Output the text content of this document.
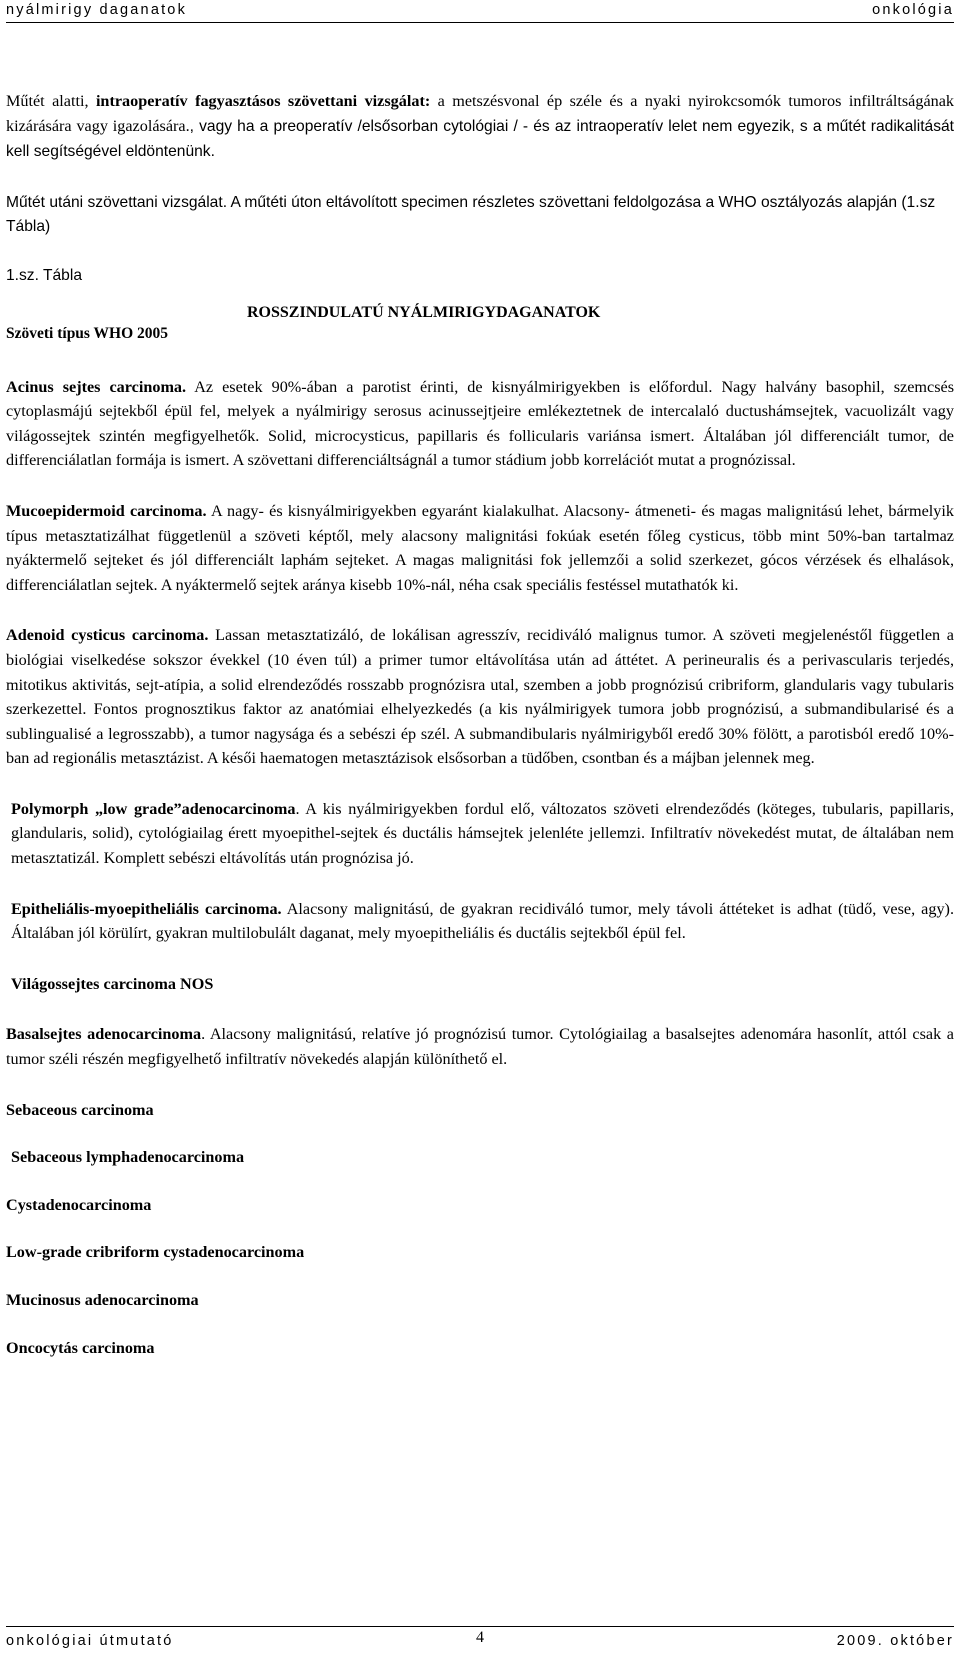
nyálmirigy daganatok	onkológia

Műtét alatti, intraoperatív fagyasztásos szövettani vizsgálat: a metszésvonal ép széle és a nyaki nyirokcsomók tumoros infiltráltságának kizárására vagy igazolására., vagy ha a preoperatív /elsősorban cytológiai / - és az intraoperatív lelet nem egyezik, s a műtét radikalitását kell segítségével eldöntenünk.

Műtét utáni szövettani vizsgálat. A műtéti úton eltávolított specimen részletes szövettani feldolgozása a WHO osztályozás alapján (1.sz Tábla)

1.sz. Tábla

Szöveti típus WHO 2005
ROSSZINDULATÚ NYÁLMIRIGYDAGANATOK

Acinus sejtes carcinoma. Az esetek 90%-ában a parotist érinti, de kisnyálmirigyekben is előfordul. Nagy halvány basophil, szemcsés cytoplasmájú sejtekből épül fel, melyek a nyálmirigy serosus acinussejtjeire emlékeztetnek de intercalaló ductushámsejtek, vacuolizált vagy világossejtek szintén megfigyelhetők. Solid, microcysticus, papillaris és follicularis variánsa ismert. Általában jól differenciált tumor, de differenciálatlan formája is ismert. A szövettani differenciáltságnál a tumor stádium jobb korrelációt mutat a prognózissal.

Mucoepidermoid carcinoma. A nagy- és kisnyálmirigyekben egyaránt kialakulhat. Alacsony- átmeneti- és magas malignitású lehet, bármelyik típus metasztatizálhat függetlenül a szöveti képtől, mely alacsony malignitási fokúak esetén főleg cysticus, több mint 50%-ban tartalmaz nyáktermelő sejteket és jól differenciált laphám sejteket. A magas malignitási fok jellemzői a solid szerkezet, gócos vérzések és elhalások, differenciálatlan sejtek. A nyáktermelő sejtek aránya kisebb 10%-nál, néha csak speciális festéssel mutathatók ki.

Adenoid cysticus carcinoma. Lassan metasztatizáló, de lokálisan agresszív, recidiváló malignus tumor. A szöveti megjelenéstől független a biológiai viselkedése sokszor évekkel (10 éven túl) a primer tumor eltávolítása után ad áttétet. A perineuralis és a perivascularis terjedés, mitotikus aktivitás, sejt-atípia, a solid elrendeződés rosszabb prognózisra utal, szemben a jobb prognózisú cribriform, glandularis vagy tubularis szerkezettel. Fontos prognosztikus faktor az anatómiai elhelyezkedés (a kis nyálmirigyek tumora jobb prognózisú, a submandibularisé és a sublingualisé a legrosszabb), a tumor nagysága és a sebészi ép szél. A submandibularis nyálmirigyből eredő 30% fölött, a parotisból eredő 10%-ban ad regionális metasztázist. A késői haematogen metasztázisok elsősorban a tüdőben, csontban és a májban jelennek meg.

Polymorph „low grade”adenocarcinoma. A kis nyálmirigyekben fordul elő, változatos szöveti elrendeződés (köteges, tubularis, papillaris, glandularis, solid), cytológiailag érett myoepithel-sejtek és ductális hámsejtek jelenléte jellemzi. Infiltratív növekedést mutat, de általában nem metasztatizál. Komplett sebészi eltávolítás után prognózisa jó.

Epitheliális-myoepitheliális carcinoma. Alacsony malignitású, de gyakran recidiváló tumor, mely távoli áttéteket is adhat (tüdő, vese, agy). Általában jól körülírt, gyakran multilobulált daganat, mely myoepitheliális és ductális sejtekből épül fel.

Világossejtes carcinoma NOS

Basalsejtes adenocarcinoma. Alacsony malignitású, relatíve jó prognózisú tumor. Cytológiailag a basalsejtes adenomára hasonlít, attól csak a tumor széli részén megfigyelhető infiltratív növekedés alapján különíthető el.

Sebaceous carcinoma

Sebaceous lymphadenocarcinoma

Cystadenocarcinoma

Low-grade cribriform cystadenocarcinoma

Mucinosus adenocarcinoma

Oncocytás carcinoma

onkológiai útmutató	4	2009. október
